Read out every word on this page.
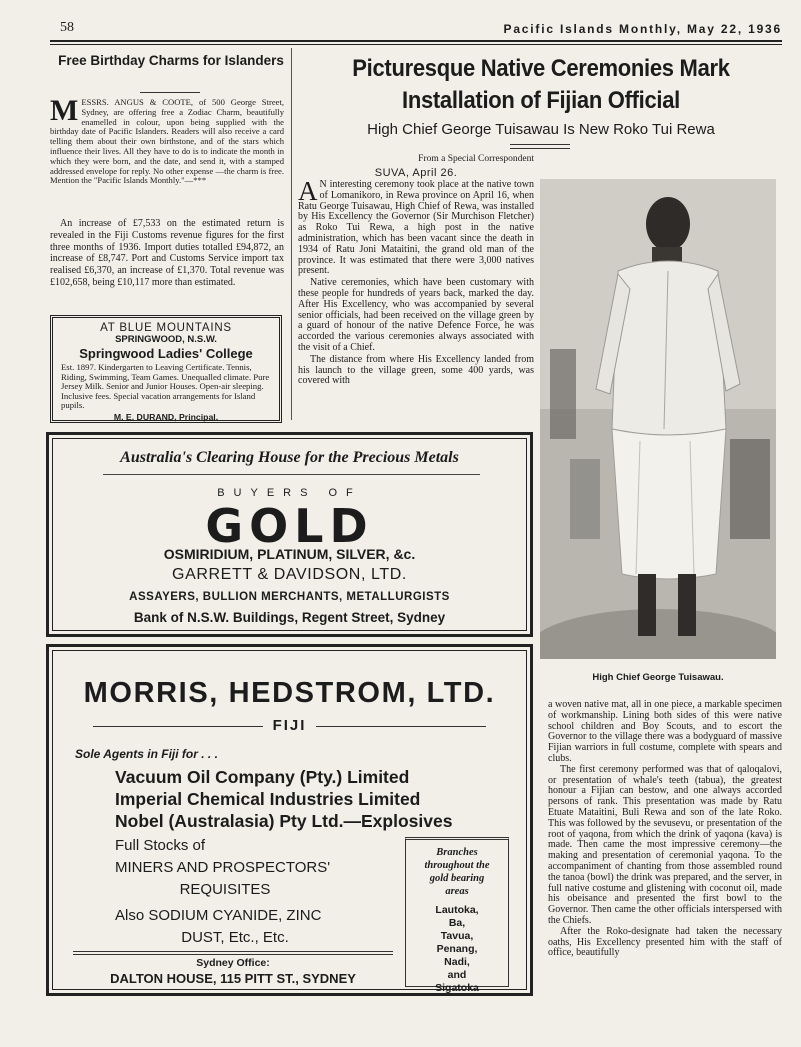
58	Pacific Islands Monthly, May 22, 1936
Free Birthday Charms for Islanders
MESSRS. ANGUS & COOTE, of 500 George Street, Sydney, are offering free a Zodiac Charm, beautifully enamelled in colour, upon being supplied with the birthday date of Pacific Islanders. Readers will also receive a card telling them about their own birthstone, and of the stars which influence their lives. All they have to do is to indicate the month in which they were born, and the date, and send it, with a stamped addressed envelope for reply. No other expense —the charm is free. Mention the "Pacific Islands Monthly."—***
An increase of £7,533 on the estimated return is revealed in the Fiji Customs revenue figures for the first three months of 1936. Import duties totalled £94,872, an increase of £8,747. Port and Customs Service import tax realised £6,370, an increase of £1,370. Total revenue was £102,658, being £10,117 more than estimated.
AT BLUE MOUNTAINS
SPRINGWOOD, N.S.W.
Springwood Ladies' College
Est. 1897. Kindergarten to Leaving Certificate. Tennis, Riding, Swimming, Team Games. Unequalled climate. Pure Jersey Milk. Senior and Junior Houses. Open-air sleeping. Inclusive fees. Special vacation arrangements for Island pupils.
M. E. DURAND, Principal.
Picturesque Native Ceremonies Mark Installation of Fijian Official
High Chief George Tuisawau Is New Roko Tui Rewa
From a Special Correspondent
SUVA, April 26.

A N interesting ceremony took place at the native town of Lomanikoro, in Rewa province on April 16, when Ratu George Tuisawau, High Chief of Rewa, was installed by His Excellency the Governor (Sir Murchison Fletcher) as Roko Tui Rewa, a high post in the native administration, which has been vacant since the death in 1934 of Ratu Joni Mataitini, the grand old man of the province. It was estimated that there were 3,000 natives present.

Native ceremonies, which have been customary with these people for hundreds of years back, marked the day. After His Excellency, who was accompanied by several senior officials, had been received on the village green by a guard of honour of the native Defence Force, he was accorded the various ceremonies always associated with the visit of a Chief.

The distance from where His Excellency landed from his launch to the village green, some 400 yards, was covered with

High Chief George Tuisawau.
Australia's Clearing House for the Precious Metals
BUYERS OF
GOLD
OSMIRIDIUM, PLATINUM, SILVER, &c.
GARRETT & DAVIDSON, LTD.
ASSAYERS, BULLION MERCHANTS, METALLURGISTS
Bank of N.S.W. Buildings, Regent Street, Sydney
MORRIS, HEDSTROM, LTD.
FIJI
Sole Agents in Fiji for . . .
Vacuum Oil Company (Pty.) Limited
Imperial Chemical Industries Limited
Nobel (Australasia) Pty Ltd.—Explosives
Full Stocks of
MINERS AND PROSPECTORS'
REQUISITES
Also SODIUM CYANIDE, ZINC
DUST, Etc., Etc.
Sydney Office:
DALTON HOUSE, 115 PITT ST., SYDNEY
Branches
throughout the
gold bearing
areas
Lautoka,
Ba,
Tavua,
Penang,
Nadi,
and
Sigatoka

a woven native mat, all in one piece, a markable specimen of workmanship. Lining both sides of this were native school children and Boy Scouts, and to escort the Governor to the village there was a bodyguard of massive Fijian warriors in full costume, complete with spears and clubs.

The first ceremony performed was that of qaloqalovi, or presentation of whale's teeth (tabua), the greatest honour a Fijian can bestow, and one always accorded persons of rank. This presentation was made by Ratu Etuate Mataitini, Buli Rewa and son of the late Roko. This was followed by the sevusevu, or presentation of the root of yaqona, from which the drink of yaqona (kava) is made. Then came the most impressive ceremony—the making and presentation of ceremonial yaqona. To the accompaniment of chanting from those assembled round the tanoa (bowl) the drink was prepared, and the server, in full native costume and glistening with coconut oil, made his obeisance and presented the first bowl to the Governor. Then came the other officials interspersed with the Chiefs.

After the Roko-designate had taken the necessary oaths, His Excellency presented him with the staff of office, beautifully
